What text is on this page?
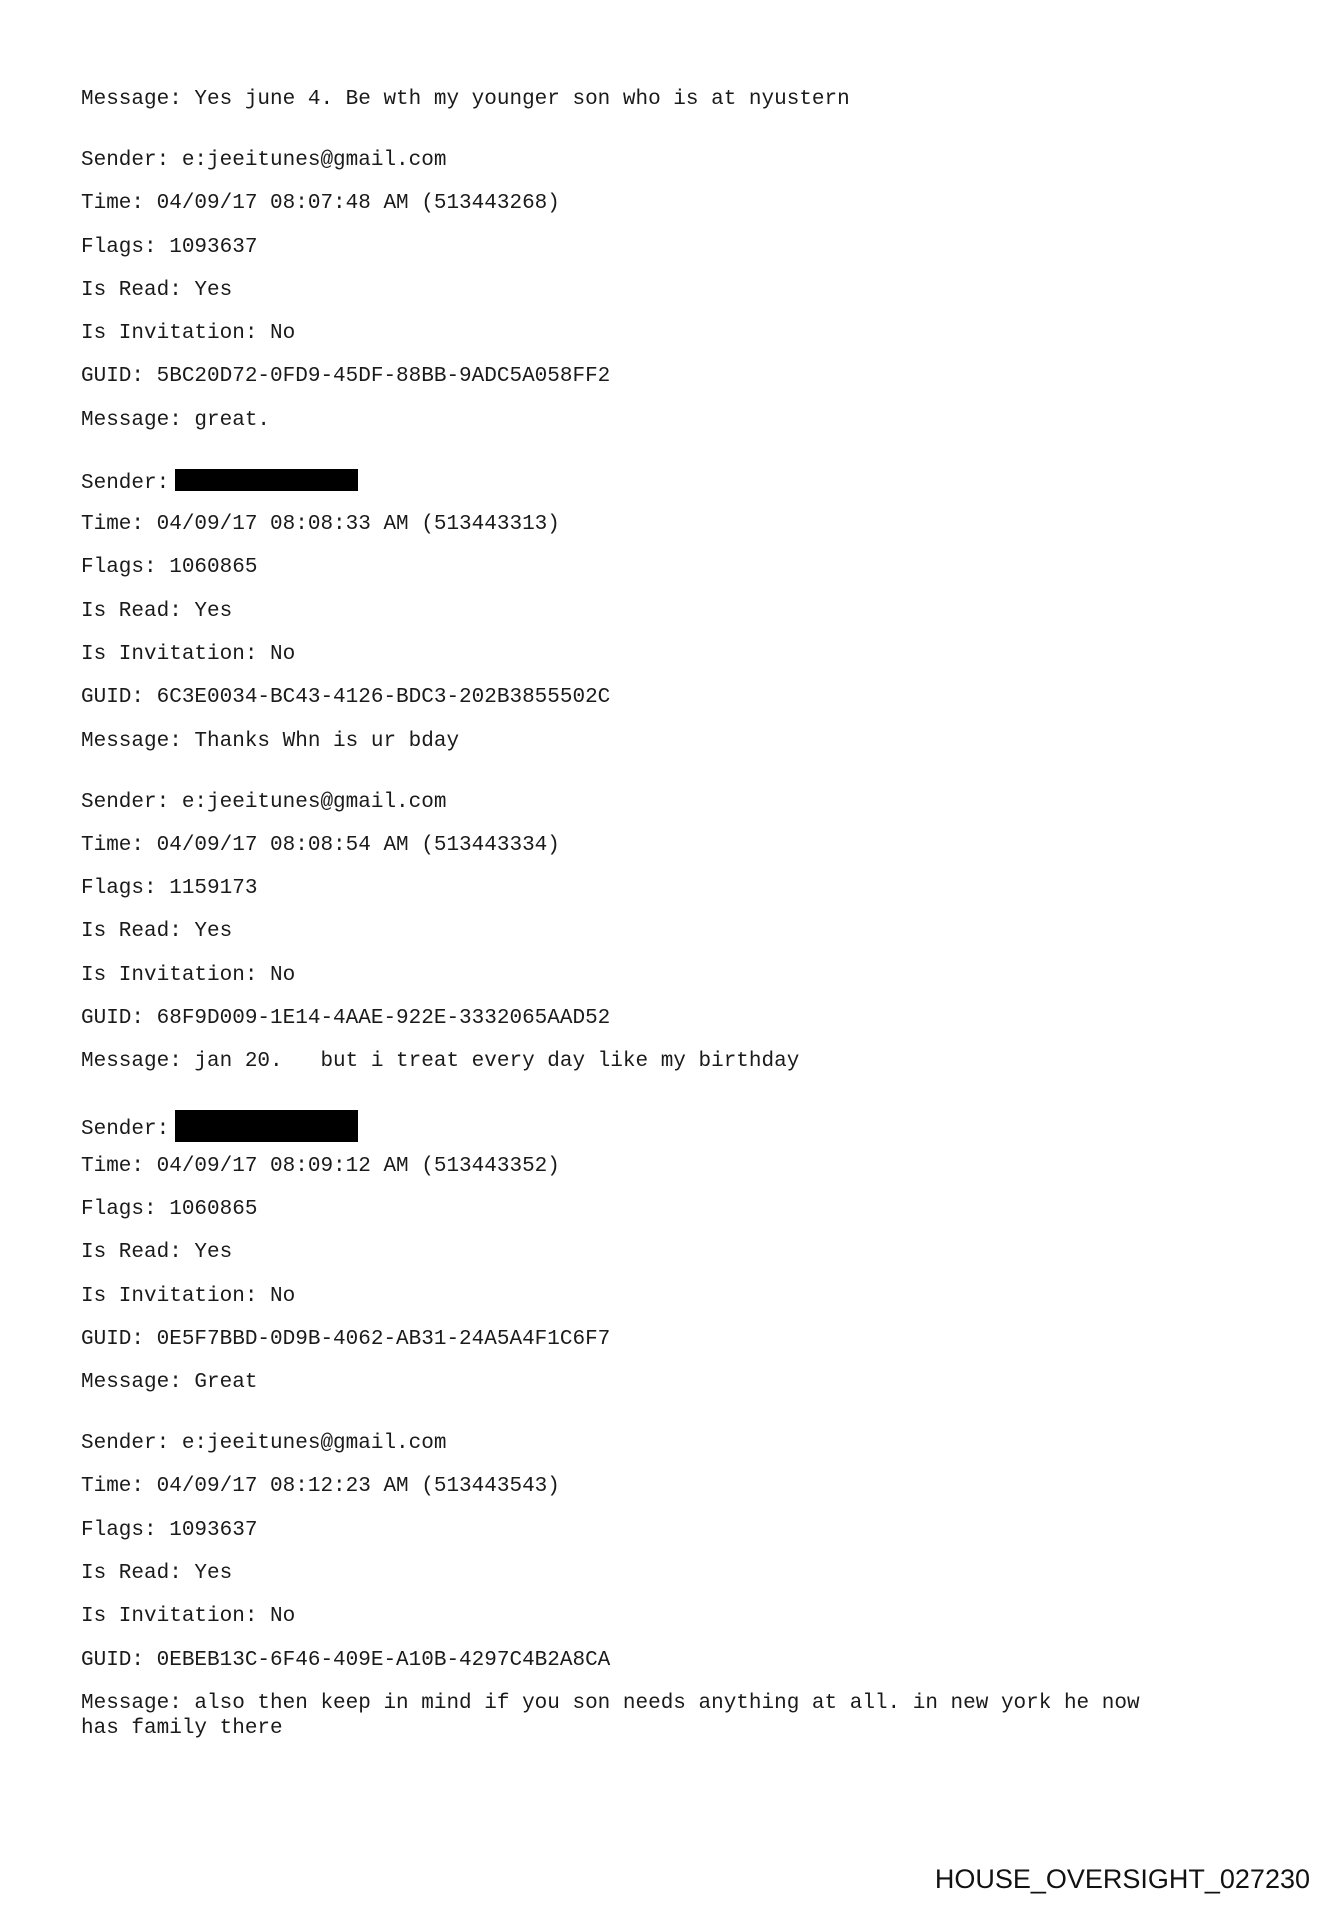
Message: Yes june 4. Be wth my younger son who is at nyustern
Sender: e:jeeitunes@gmail.com
Time: 04/09/17 08:07:48 AM (513443268)
Flags: 1093637
Is Read: Yes
Is Invitation: No
GUID: 5BC20D72-0FD9-45DF-88BB-9ADC5A058FF2
Message: great.
Sender:
Time: 04/09/17 08:08:33 AM (513443313)
Flags: 1060865
Is Read: Yes
Is Invitation: No
GUID: 6C3E0034-BC43-4126-BDC3-202B3855502C
Message: Thanks Whn is ur bday
Sender: e:jeeitunes@gmail.com
Time: 04/09/17 08:08:54 AM (513443334)
Flags: 1159173
Is Read: Yes
Is Invitation: No
GUID: 68F9D009-1E14-4AAE-922E-3332065AAD52
Message: jan 20.   but i treat every day like my birthday
Sender:
Time: 04/09/17 08:09:12 AM (513443352)
Flags: 1060865
Is Read: Yes
Is Invitation: No
GUID: 0E5F7BBD-0D9B-4062-AB31-24A5A4F1C6F7
Message: Great
Sender: e:jeeitunes@gmail.com
Time: 04/09/17 08:12:23 AM (513443543)
Flags: 1093637
Is Read: Yes
Is Invitation: No
GUID: 0EBEB13C-6F46-409E-A10B-4297C4B2A8CA
Message: also then keep in mind if you son needs anything at all. in new york he now
has family there
HOUSE_OVERSIGHT_027230
